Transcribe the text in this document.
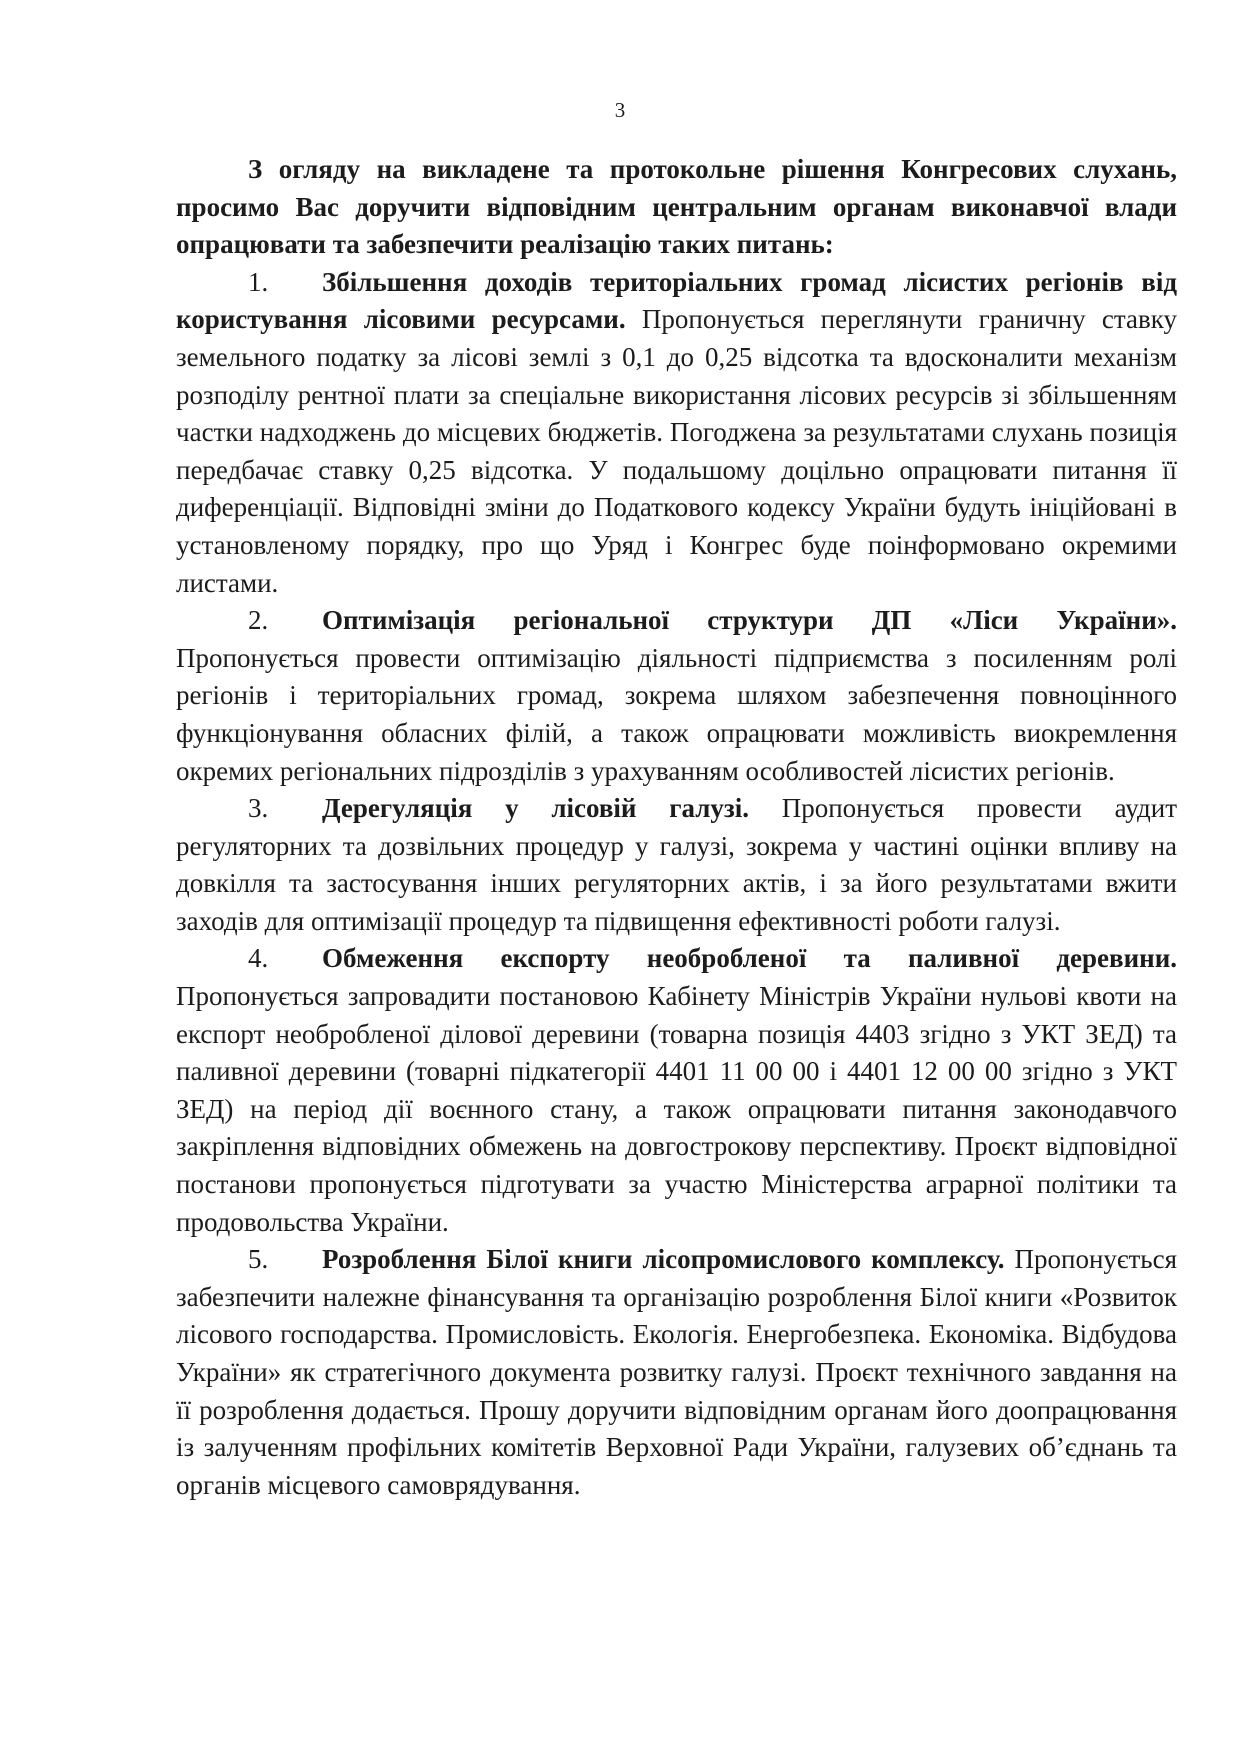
3

З огляду на викладене та протокольне рішення Конгресових слухань, просимо Вас доручити відповідним центральним органам виконавчої влади опрацювати та забезпечити реалізацію таких питань:

1. Збільшення доходів територіальних громад лісистих регіонів від користування лісовими ресурсами. Пропонується переглянути граничну ставку земельного податку за лісові землі з 0,1 до 0,25 відсотка та вдосконалити механізм розподілу рентної плати за спеціальне використання лісових ресурсів зі збільшенням частки надходжень до місцевих бюджетів. Погоджена за результатами слухань позиція передбачає ставку 0,25 відсотка. У подальшому доцільно опрацювати питання її диференціації. Відповідні зміни до Податкового кодексу України будуть ініційовані в установленому порядку, про що Уряд і Конгрес буде поінформовано окремими листами.

2. Оптимізація регіональної структури ДП «Ліси України». Пропонується провести оптимізацію діяльності підприємства з посиленням ролі регіонів і територіальних громад, зокрема шляхом забезпечення повноцінного функціонування обласних філій, а також опрацювати можливість виокремлення окремих регіональних підрозділів з урахуванням особливостей лісистих регіонів.

3. Дерегуляція у лісовій галузі. Пропонується провести аудит регуляторних та дозвільних процедур у галузі, зокрема у частині оцінки впливу на довкілля та застосування інших регуляторних актів, і за його результатами вжити заходів для оптимізації процедур та підвищення ефективності роботи галузі.

4. Обмеження експорту необробленої та паливної деревини. Пропонується запровадити постановою Кабінету Міністрів України нульові квоти на експорт необробленої ділової деревини (товарна позиція 4403 згідно з УКТ ЗЕД) та паливної деревини (товарні підкатегорії 4401 11 00 00 і 4401 12 00 00 згідно з УКТ ЗЕД) на період дії воєнного стану, а також опрацювати питання законодавчого закріплення відповідних обмежень на довгострокову перспективу. Проєкт відповідної постанови пропонується підготувати за участю Міністерства аграрної політики та продовольства України.

5. Розроблення Білої книги лісопромислового комплексу. Пропонується забезпечити належне фінансування та організацію розроблення Білої книги «Розвиток лісового господарства. Промисловість. Екологія. Енергобезпека. Економіка. Відбудова України» як стратегічного документа розвитку галузі. Проєкт технічного завдання на її розроблення додається. Прошу доручити відповідним органам його доопрацювання із залученням профільних комітетів Верховної Ради України, галузевих об’єднань та органів місцевого самоврядування.
